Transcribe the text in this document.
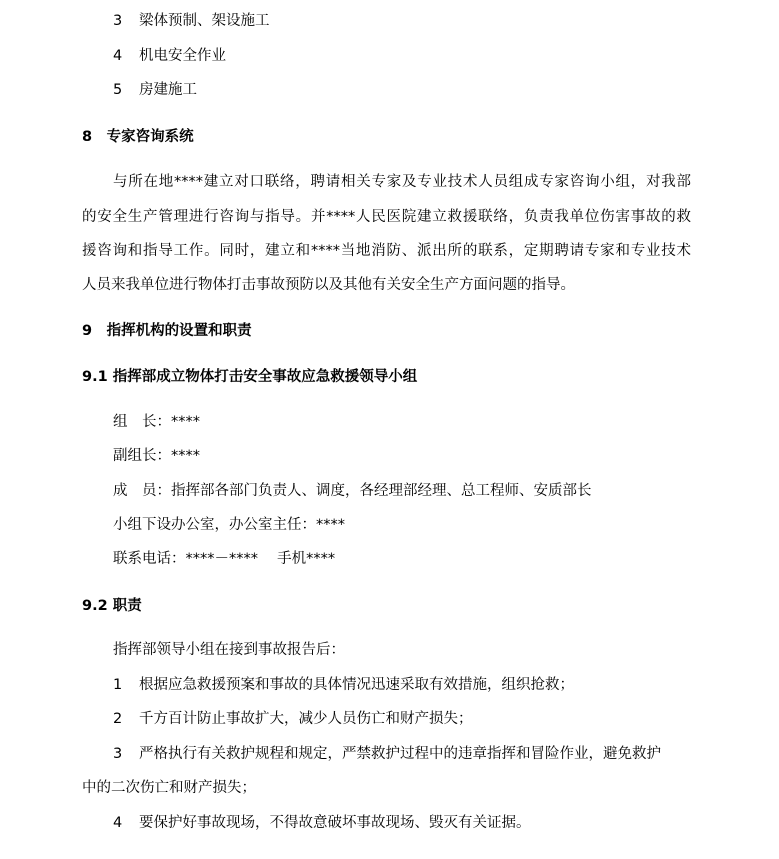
3 梁体预制、架设施工
4 机电安全作业
5 房建施工
8　专家咨询系统
与所在地****建立对口联络，聘请相关专家及专业技术人员组成专家咨询小组，对我部
的安全生产管理进行咨询与指导。并****人民医院建立救援联络，负责我单位伤害事故的救
援咨询和指导工作。同时，建立和****当地消防、派出所的联系，定期聘请专家和专业技术
人员来我单位进行物体打击事故预防以及其他有关安全生产方面问题的指导。
9　指挥机构的设置和职责
9.1 指挥部成立物体打击安全事故应急救援领导小组
组　长：****
副组长：****
成　员：指挥部各部门负责人、调度，各经理部经理、总工程师、安质部长
小组下设办公室，办公室主任：****
联系电话：****－****　 手机****
9.2 职责
指挥部领导小组在接到事故报告后：
1 根据应急救援预案和事故的具体情况迅速采取有效措施，组织抢救；
2 千方百计防止事故扩大，减少人员伤亡和财产损失；
3 严格执行有关救护规程和规定，严禁救护过程中的违章指挥和冒险作业，避免救护
中的二次伤亡和财产损失；
4 要保护好事故现场，不得故意破坏事故现场、毁灭有关证据。
